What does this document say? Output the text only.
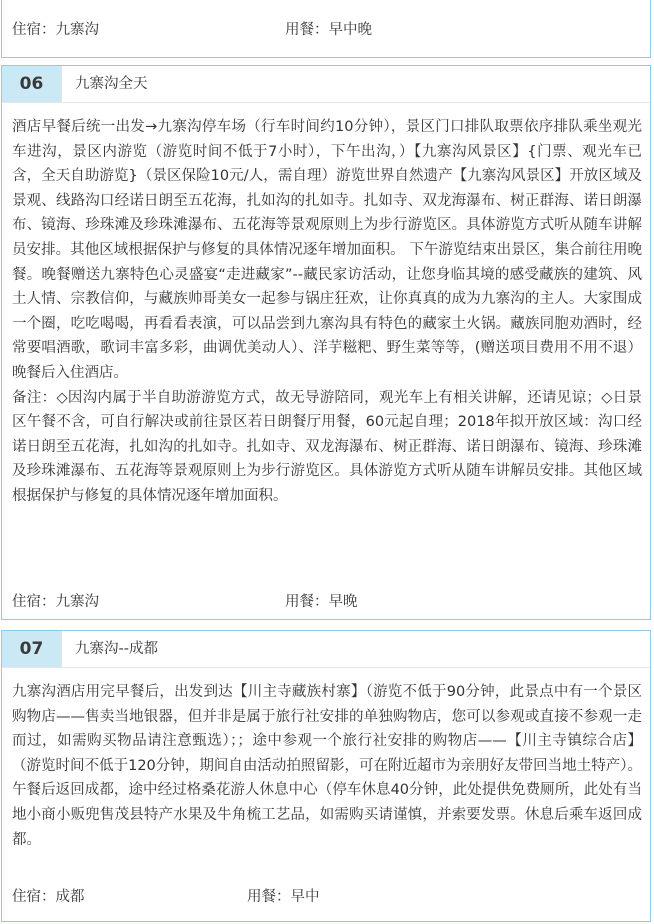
住宿：九寨沟	用餐：早中晚
06	九寨沟全天

酒店早餐后统一出发→九寨沟停车场（行车时间约10分钟），景区门口排队取票依序排队乘坐观光车进沟，景区内游览（游览时间不低于7小时），下午出沟，）【九寨沟风景区】{门票、观光车已含，全天自助游览}（景区保险10元/人，需自理）游览世界自然遗产【九寨沟风景区】开放区域及景观、线路沟口经诺日朗至五花海，扎如沟的扎如寺。扎如寺、双龙海瀑布、树正群海、诺日朗瀑布、镜海、珍珠滩及珍珠滩瀑布、五花海等景观原则上为步行游览区。具体游览方式听从随车讲解员安排。其他区域根据保护与修复的具体情况逐年增加面积。 下午游览结束出景区，集合前往用晚餐。晚餐赠送九寨特色心灵盛宴“走进藏家”--藏民家访活动，让您身临其境的感受藏族的建筑、风土人情、宗教信仰，与藏族帅哥美女一起参与锅庄狂欢，让你真真的成为九寨沟的主人。大家围成一个圈，吃吃喝喝，再看看表演，可以品尝到九寨沟具有特色的藏家土火锅。藏族同胞劝酒时，经常要唱酒歌，歌词丰富多彩，曲调优美动人）、洋芋糍粑、野生菜等等，(赠送项目费用不用不退）晚餐后入住酒店。

备注：◇因沟内属于半自助游游览方式，故无导游陪同，观光车上有相关讲解，还请见谅；◇日景区午餐不含，可自行解决或前往景区若日朗餐厅用餐，60元起自理；2018年拟开放区域：沟口经诺日朗至五花海，扎如沟的扎如寺。扎如寺、双龙海瀑布、树正群海、诺日朗瀑布、镜海、珍珠滩及珍珠滩瀑布、五花海等景观原则上为步行游览区。具体游览方式听从随车讲解员安排。其他区域根据保护与修复的具体情况逐年增加面积。

住宿：九寨沟	用餐：早晚
07	九寨沟--成都

九寨沟酒店用完早餐后，出发到达【川主寺藏族村寨】（游览不低于90分钟，此景点中有一个景区购物店——售卖当地银器，但并非是属于旅行社安排的单独购物店，您可以参观或直接不参观一走而过，如需购买物品请注意甄选）；；途中参观一个旅行社安排的购物店——【川主寺镇综合店】（游览时间不低于120分钟，期间自由活动拍照留影，可在附近超市为亲朋好友带回当地土特产）。午餐后返回成都，途中经过格桑花游人休息中心（停车休息40分钟，此处提供免费厕所，此处有当地小商小贩兜售茂县特产水果及牛角梳工艺品，如需购买请谨慎，并索要发票。休息后乘车返回成都。

住宿：成都	用餐：早中
